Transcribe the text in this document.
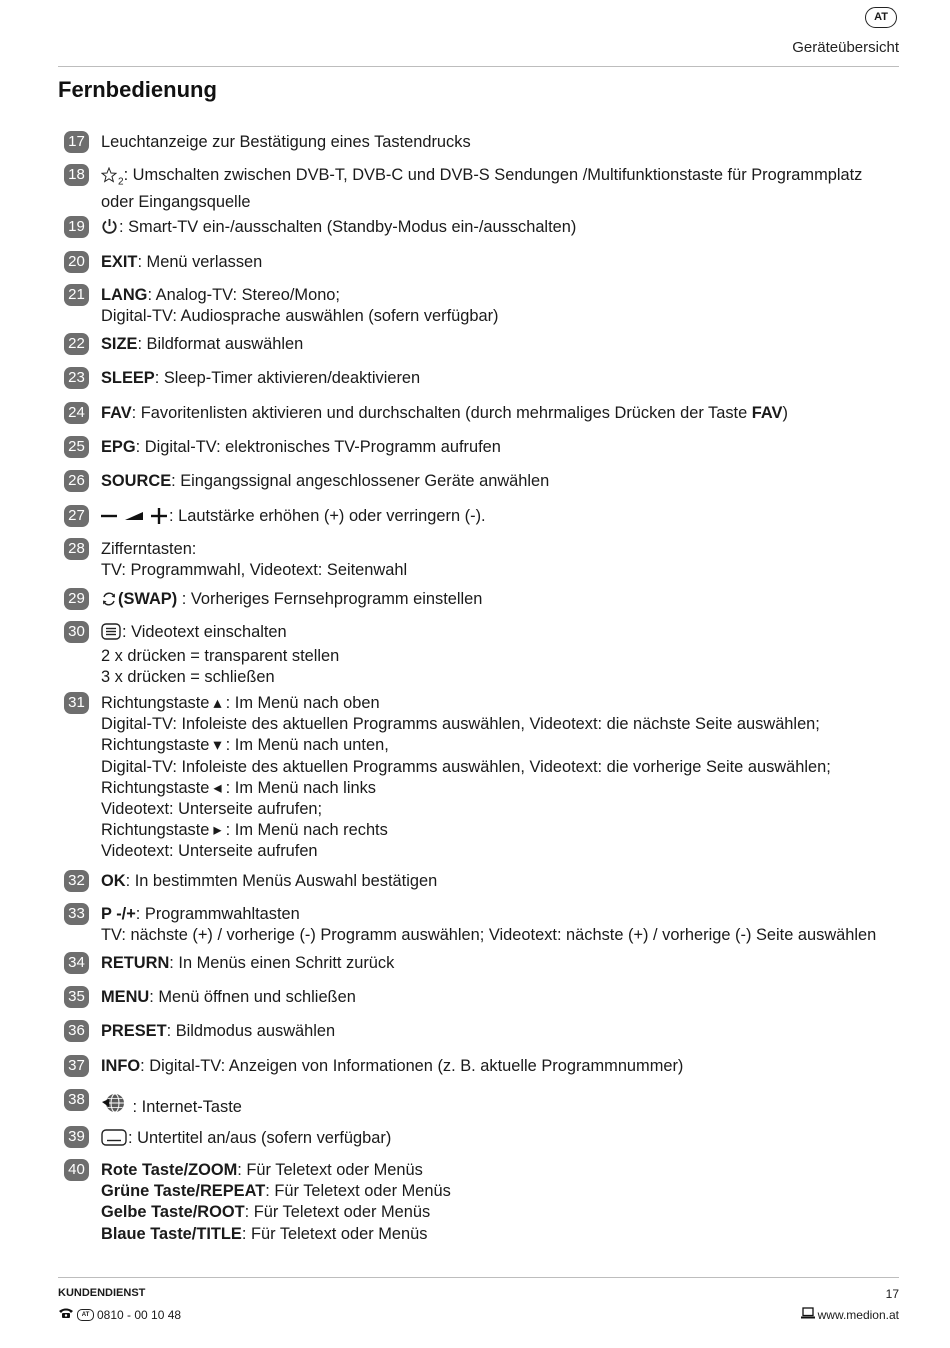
AT
Geräteübersicht
Fernbedienung
17 Leuchtanzeige zur Bestätigung eines Tastendrucks
18	$_2$: Umschalten zwischen DVB-T, DVB-C und DVB-S Sendungen /Multifunktionstaste für Programmplatz
oder Eingangsquelle
19	: Smart-TV ein-/ausschalten (Standby-Modus ein-/ausschalten)
20 EXIT: Menü verlassen
21 LANG: Analog-TV: Stereo/Mono;
Digital-TV: Audiosprache auswählen (sofern verfügbar)
22 SIZE: Bildformat auswählen
23 SLEEP: Sleep-Timer aktivieren/deaktivieren
24 FAV: Favoritenlisten aktivieren und durchschalten (durch mehrmaliges Drücken der Taste FAV)
25 EPG: Digital-TV: elektronisches TV-Programm aufrufen
26 SOURCE: Eingangssignal angeschlossener Geräte anwählen
27	: Lautstärke erhöhen (+) oder verringern (-).
28 Zifferntasten:
TV: Programmwahl, Videotext: Seitenwahl
29	(SWAP) : Vorheriges Fernsehprogramm einstellen
30	: Videotext einschalten
2 x drücken = transparent stellen
3 x drücken = schließen
31 Richtungstaste ▴ : Im Menü nach oben
Digital-TV: Infoleiste des aktuellen Programms auswählen, Videotext: die nächste Seite auswählen;
Richtungstaste ▾ : Im Menü nach unten,
Digital-TV: Infoleiste des aktuellen Programms auswählen, Videotext: die vorherige Seite auswählen;
Richtungstaste ◂ : Im Menü nach links
Videotext: Unterseite aufrufen;
Richtungstaste ▸ : Im Menü nach rechts
Videotext: Unterseite aufrufen
32 OK: In bestimmten Menüs Auswahl bestätigen
33 P -/+: Programmwahltasten
TV: nächste (+) / vorherige (-) Programm auswählen; Videotext: nächste (+) / vorherige (-) Seite auswählen
34 RETURN: In Menüs einen Schritt zurück
35 MENU: Menü öffnen und schließen
36 PRESET: Bildmodus auswählen
37 INFO: Digital-TV: Anzeigen von Informationen (z. B. aktuelle Programmnummer)
38	: Internet-Taste
39	: Untertitel an/aus (sofern verfügbar)
40 Rote Taste/ZOOM: Für Teletext oder Menüs
Grüne Taste/REPEAT: Für Teletext oder Menüs
Gelbe Taste/ROOT: Für Teletext oder Menüs
Blaue Taste/TITLE: Für Teletext oder Menüs
KUNDENDIENST
AT 0810 - 00 10 48
17
www.medion.at
